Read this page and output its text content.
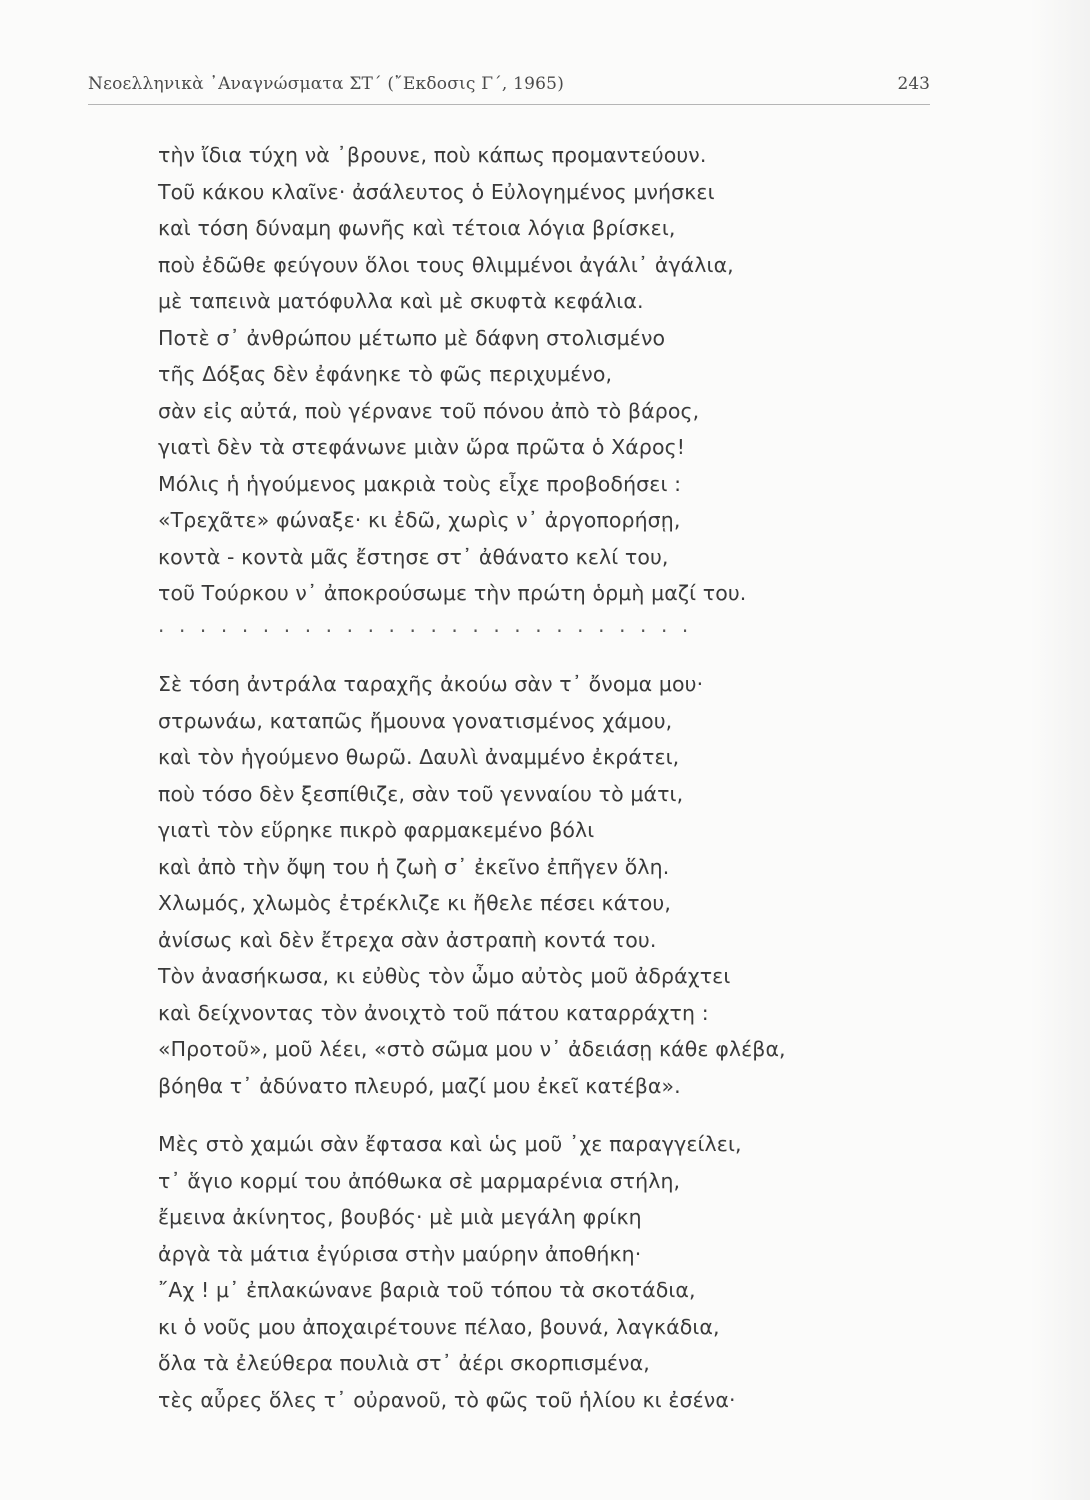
Νεοελληνικὰ ᾽Αναγνώσματα ΣΤ΄ (῎Εκδοσις Γ΄, 1965)	243
τὴν ἴδια τύχη νὰ ᾽βρουνε, ποὺ κάπως προμαντεύουν.
Τοῦ κάκου κλαῖνε· ἀσάλευτος ὁ Εὐλογημένος μνήσκει
καὶ τόση δύναμη φωνῆς καὶ τέτοια λόγια βρίσκει,
ποὺ ἐδῶθε φεύγουν ὅλοι τους θλιμμένοι ἀγάλι᾽ ἀγάλια,
μὲ ταπεινὰ ματόφυλλα καὶ μὲ σκυφτὰ κεφάλια.
Ποτὲ σ᾽ ἀνθρώπου μέτωπο μὲ δάφνη στολισμένο
τῆς Δόξας δὲν ἐφάνηκε τὸ φῶς περιχυμένο,
σὰν εἰς αὐτά, ποὺ γέρνανε τοῦ πόνου ἀπὸ τὸ βάρος,
γιατὶ δὲν τὰ στεφάνωνε μιὰν ὥρα πρῶτα ὁ Χάρος!
Μόλις ἡ ἡγούμενος μακριὰ τοὺς εἶχε προβοδήσει :
«Τρεχᾶτε» φώναξε· κι ἐδῶ, χωρὶς ν᾽ ἀργοπορήσῃ,
κοντὰ - κοντὰ μᾶς ἔστησε στ᾽ ἀθάνατο κελί του,
τοῦ Τούρκου ν᾽ ἀποκρούσωμε τὴν πρώτη ὁρμὴ μαζί του.
..........................
Σὲ τόση ἀντράλα ταραχῆς ἀκούω σὰν τ᾽ ὄνομα μου·
στρωνάω, καταπῶς ἤμουνα γονατισμένος χάμου,
καὶ τὸν ἡγούμενο θωρῶ. Δαυλὶ ἀναμμένο ἐκράτει,
ποὺ τόσο δὲν ξεσπίθιζε, σὰν τοῦ γενναίου τὸ μάτι,
γιατὶ τὸν εὕρηκε πικρὸ φαρμακεμένο βόλι
καὶ ἀπὸ τὴν ὄψη του ἡ ζωὴ σ᾽ ἐκεῖνο ἐπῆγεν ὅλη.
Χλωμός, χλωμὸς ἐτρέκλιζε κι ἤθελε πέσει κάτου,
ἀνίσως καὶ δὲν ἔτρεχα σὰν ἀστραπὴ κοντά του.
Τὸν ἀνασήκωσα, κι εὐθὺς τὸν ὦμο αὐτὸς μοῦ ἀδράχτει
καὶ δείχνοντας τὸν ἀνοιχτὸ τοῦ πάτου καταρράχτη :
«Προτοῦ», μοῦ λέει, «στὸ σῶμα μου ν᾽ ἀδειάσῃ κάθε φλέβα,
βόηθα τ᾽ ἀδύνατο πλευρό, μαζί μου ἐκεῖ κατέβα».
Μὲς στὸ χαμώι σὰν ἔφτασα καὶ ὡς μοῦ ᾽χε παραγγείλει,
τ᾽ ἅγιο κορμί του ἀπόθωκα σὲ μαρμαρένια στήλη,
ἔμεινα ἀκίνητος, βουβός· μὲ μιὰ μεγάλη φρίκη
ἀργὰ τὰ μάτια ἐγύρισα στὴν μαύρην ἀποθήκη·
῎Αχ ! μ᾽ ἐπλακώνανε βαριὰ τοῦ τόπου τὰ σκοτάδια,
κι ὁ νοῦς μου ἀποχαιρέτουνε πέλαο, βουνά, λαγκάδια,
ὅλα τὰ ἐλεύθερα πουλιὰ στ᾽ ἀέρι σκορπισμένα,
τὲς αὖρες ὅλες τ᾽ οὐρανοῦ, τὸ φῶς τοῦ ἡλίου κι ἐσένα·
